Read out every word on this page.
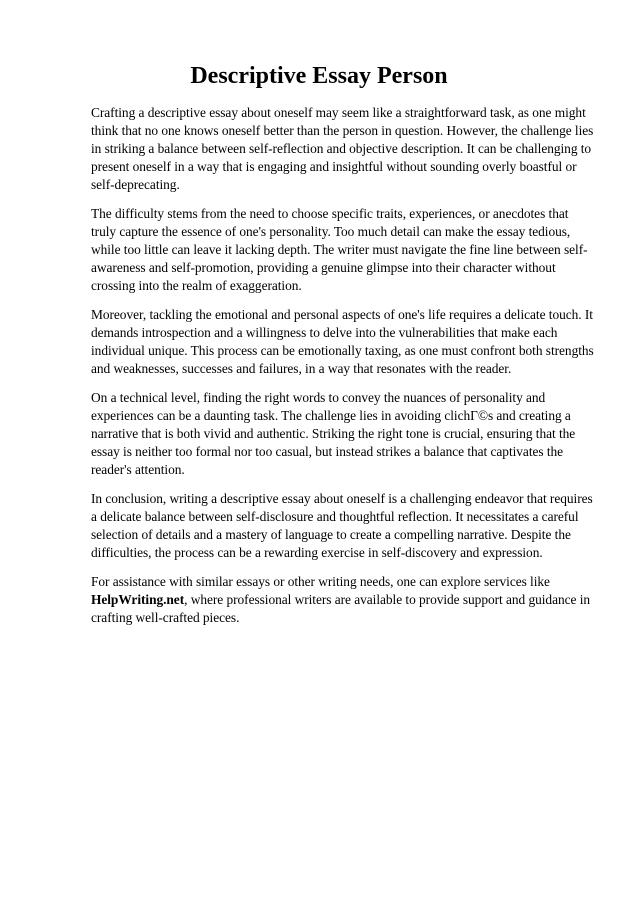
Descriptive Essay Person

Crafting a descriptive essay about oneself may seem like a straightforward task, as one might think that no one knows oneself better than the person in question. However, the challenge lies in striking a balance between self-reflection and objective description. It can be challenging to present oneself in a way that is engaging and insightful without sounding overly boastful or self-deprecating.

The difficulty stems from the need to choose specific traits, experiences, or anecdotes that truly capture the essence of one's personality. Too much detail can make the essay tedious, while too little can leave it lacking depth. The writer must navigate the fine line between self-awareness and self-promotion, providing a genuine glimpse into their character without crossing into the realm of exaggeration.

Moreover, tackling the emotional and personal aspects of one's life requires a delicate touch. It demands introspection and a willingness to delve into the vulnerabilities that make each individual unique. This process can be emotionally taxing, as one must confront both strengths and weaknesses, successes and failures, in a way that resonates with the reader.

On a technical level, finding the right words to convey the nuances of personality and experiences can be a daunting task. The challenge lies in avoiding clichГ©s and creating a narrative that is both vivid and authentic. Striking the right tone is crucial, ensuring that the essay is neither too formal nor too casual, but instead strikes a balance that captivates the reader's attention.

In conclusion, writing a descriptive essay about oneself is a challenging endeavor that requires a delicate balance between self-disclosure and thoughtful reflection. It necessitates a careful selection of details and a mastery of language to create a compelling narrative. Despite the difficulties, the process can be a rewarding exercise in self-discovery and expression.

For assistance with similar essays or other writing needs, one can explore services like HelpWriting.net, where professional writers are available to provide support and guidance in crafting well-crafted pieces.
